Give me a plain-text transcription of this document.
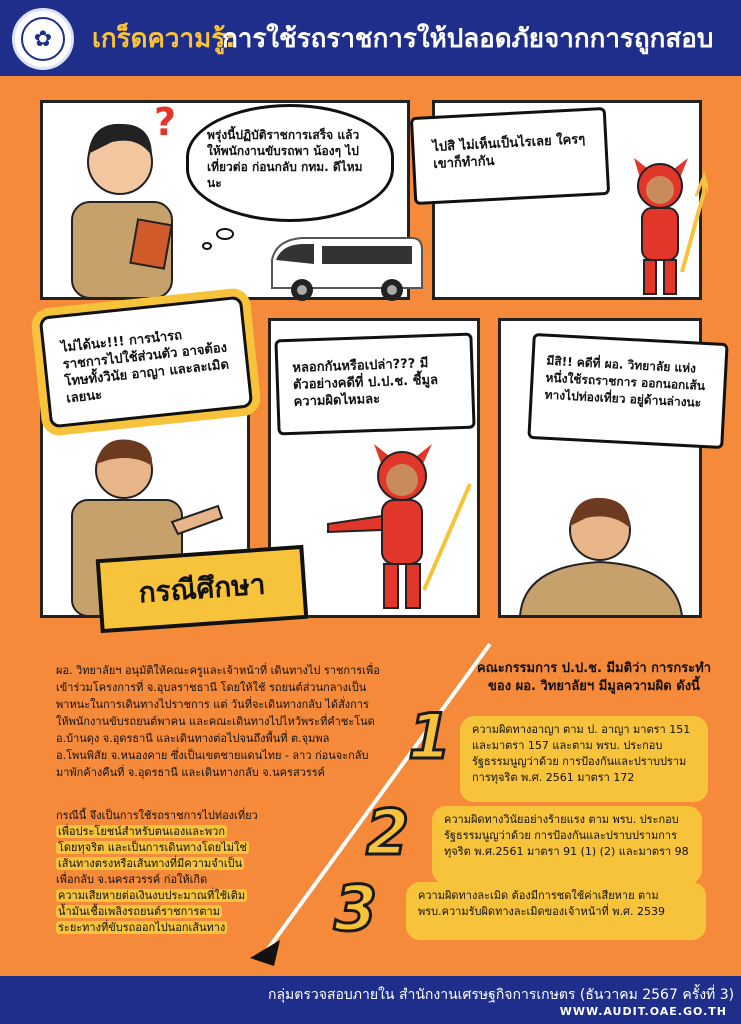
✿	เกร็ดความรู้:
การใช้รถราชการให้ปลอดภัยจากการถูกสอบ
?	พรุ่งนี้ปฏิบัติราชการเสร็จ แล้ว ให้พนักงานขับรถพา น้องๆ ไปเที่ยวต่อ ก่อนกลับ กทม. ดีไหมนะ
ไปสิ ไม่เห็นเป็นไรเลย ใครๆ เขาก็ทำกัน
ไม่ได้นะ!!! การนำรถ ราชการไปใช้ส่วนตัว อาจต้องโทษทั้งวินัย อาญา และละเมิดเลยนะ
กรณีศึกษา
หลอกกันหรือเปล่า??? มีตัวอย่างคดีที่ ป.ป.ช. ชี้มูลความผิดไหมละ
มีสิ!! คดีที่ ผอ. วิทยาลัย แห่งหนึ่งใช้รถราชการ ออกนอกเส้นทางไปท่องเที่ยว อยู่ด้านล่างนะ
ผอ. วิทยาลัยฯ อนุมัติให้คณะครูและเจ้าหน้าที่ เดินทางไป ราชการเพื่อเข้าร่วมโครงการที่ จ.อุบลราชธานี โดยให้ใช้ รถยนต์ส่วนกลางเป็นพาหนะในการเดินทางไปราชการ แต่ วันที่จะเดินทางกลับ ได้สั่งการให้พนักงานขับรถยนต์พาคน และคณะเดินทางไปไหว้พระที่คำชะโนด อ.บ้านดุง จ.อุดรธานี และเดินทางต่อไปจนถึงพื้นที่ ต.จุมพล อ.โพนพิสัย จ.หนองคาย ซึ่งเป็นเขตชายแดนไทย - ลาว ก่อนจะกลับมาพักค้างคืนที่ จ.อุดรธานี และเดินทางกลับ จ.นครสวรรค์
กรณีนี้ จึงเป็นการใช้รถราชการไปท่องเที่ยว
เพื่อประโยชน์สำหรับตนเองและพวก
โดยทุจริต และเป็นการเดินทางโดยไม่ใช่
เส้นทางตรงหรือเส้นทางที่มีความจำเป็น
เพื่อกลับ จ.นครสวรรค์ ก่อให้เกิด
ความเสียหายต่อเงินงบประมาณที่ใช้เติม
น้ำมันเชื้อเพลิงรถยนต์ราชการตาม
ระยะทางที่ขับรถออกไปนอกเส้นทาง
คณะกรรมการ ป.ป.ช. มีมติว่า การกระทำของ ผอ. วิทยาลัยฯ มีมูลความผิด ดังนี้
1	ความผิดทางอาญา ตาม ป. อาญา มาตรา 151 และมาตรา 157 และตาม พรบ. ประกอบรัฐธรรมนูญว่าด้วย การป้องกันและปราบปรามการทุจริต พ.ศ. 2561 มาตรา 172
2	ความผิดทางวินัยอย่างร้ายแรง ตาม พรบ. ประกอบรัฐธรรมนูญว่าด้วย การป้องกันและปราบปรามการทุจริต พ.ศ.2561 มาตรา 91 (1) (2) และมาตรา 98
3	ความผิดทางละเมิด ต้องมีการชดใช้ค่าเสียหาย ตาม พรบ.ความรับผิดทางละเมิดของเจ้าหน้าที่ พ.ศ. 2539
กลุ่มตรวจสอบภายใน สำนักงานเศรษฐกิจการเกษตร (ธันวาคม 2567 ครั้งที่ 3)
WWW.AUDIT.OAE.GO.TH
